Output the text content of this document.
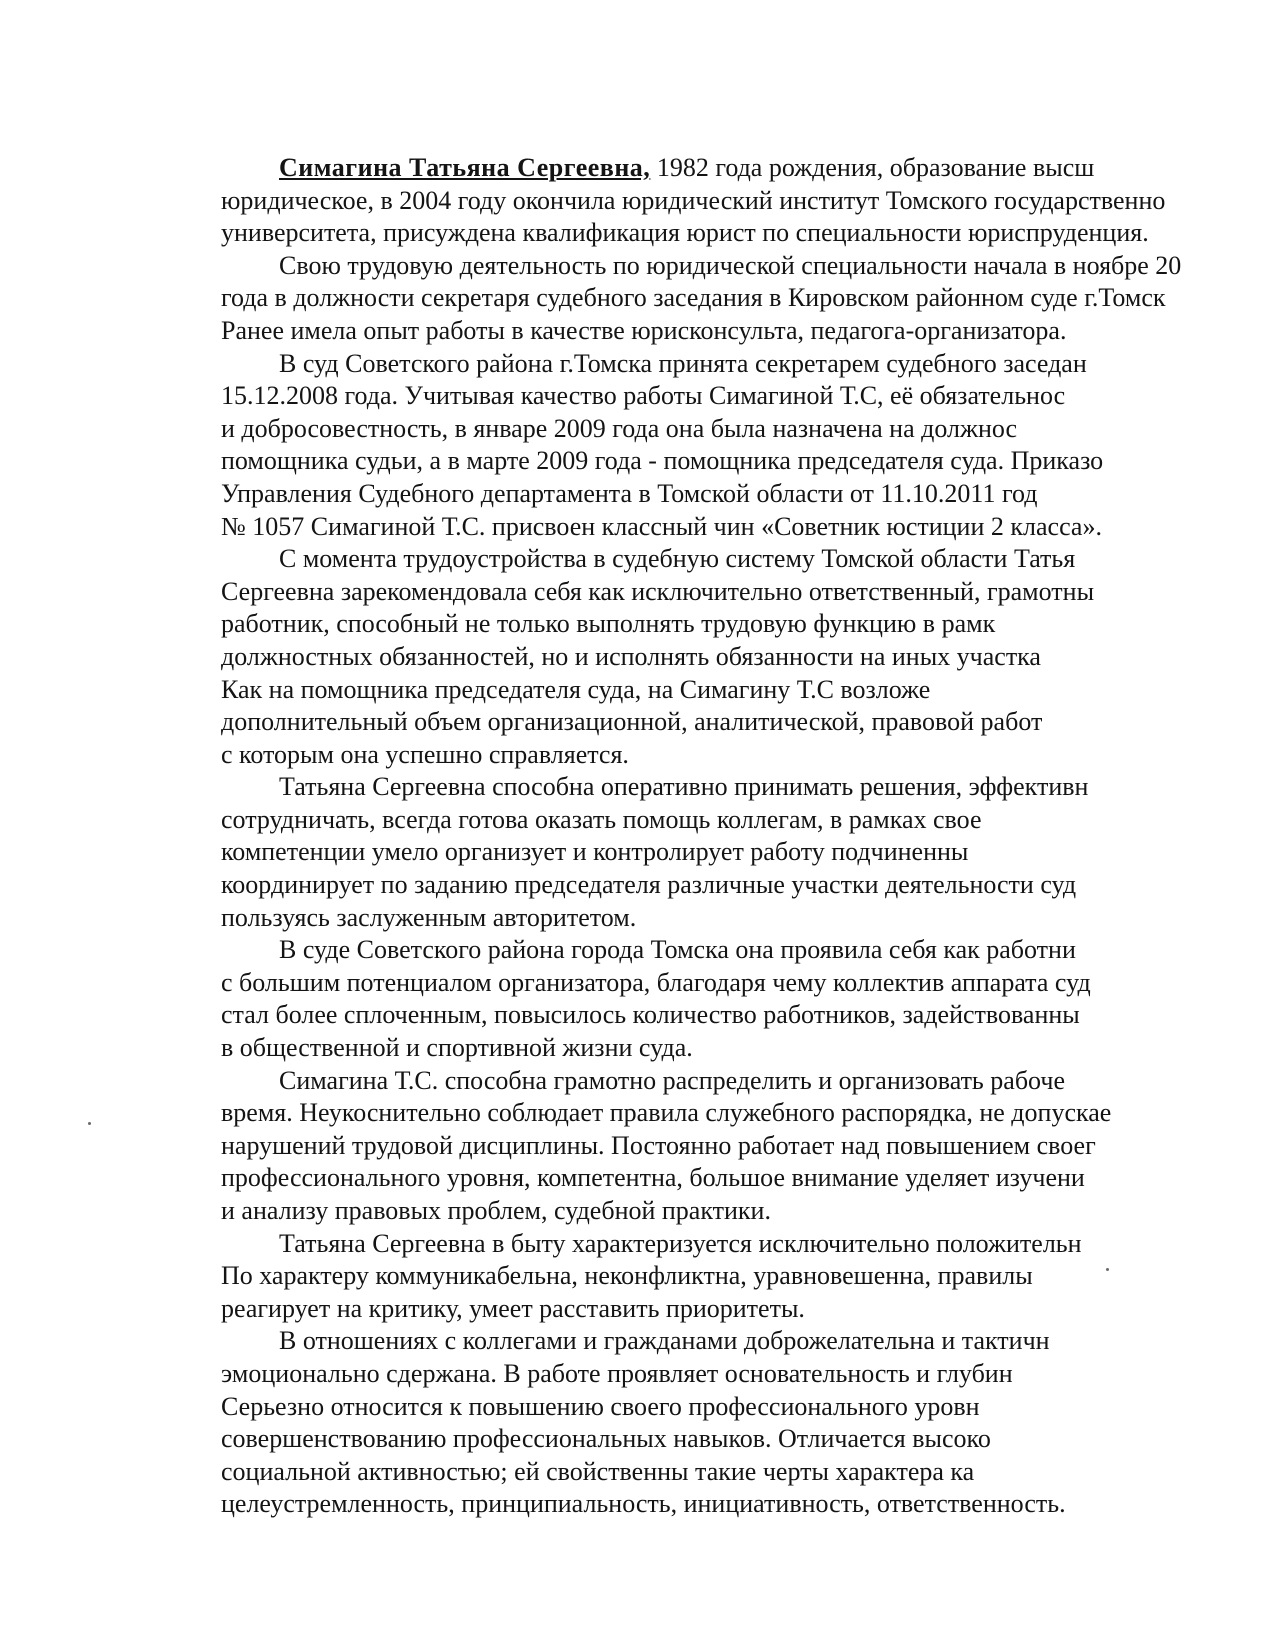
Симагина Татьяна Сергеевна, 1982 года рождения, образование высш
юридическое, в 2004 году окончила юридический институт Томского государственно
университета, присуждена квалификация юрист по специальности юриспруденция.
Свою трудовую деятельность по юридической специальности начала в ноябре 20
года в должности секретаря судебного заседания в Кировском районном суде г.Томск
Ранее имела опыт работы в качестве юрисконсульта, педагога-организатора.
В суд Советского района г.Томска принята секретарем судебного заседан
15.12.2008 года. Учитывая качество работы Симагиной Т.С, её обязательнос
и добросовестность, в январе 2009 года она была назначена на должнос
помощника судьи, а в марте 2009 года - помощника председателя суда. Приказо
Управления Судебного департамента в Томской области от 11.10.2011 год
№ 1057 Симагиной Т.С. присвоен классный чин «Советник юстиции 2 класса».
С момента трудоустройства в судебную систему Томской области Татья
Сергеевна зарекомендовала себя как исключительно ответственный, грамотны
работник, способный не только выполнять трудовую функцию в рамк
должностных обязанностей, но и исполнять обязанности на иных участка
Как на помощника председателя суда, на Симагину Т.С возложе
дополнительный объем организационной, аналитической, правовой работ
с которым она успешно справляется.
Татьяна Сергеевна способна оперативно принимать решения, эффективн
сотрудничать, всегда готова оказать помощь коллегам, в рамках свое
компетенции умело организует и контролирует работу подчиненны
координирует по заданию председателя различные участки деятельности суд
пользуясь заслуженным авторитетом.
В суде Советского района города Томска она проявила себя как работни
с большим потенциалом организатора, благодаря чему коллектив аппарата суд
стал более сплоченным, повысилось количество работников, задействованны
в общественной и спортивной жизни суда.
Симагина Т.С. способна грамотно распределить и организовать рабоче
время. Неукоснительно соблюдает правила служебного распорядка, не допускае
нарушений трудовой дисциплины. Постоянно работает над повышением своег
профессионального уровня, компетентна, большое внимание уделяет изучени
и анализу правовых проблем, судебной практики.
Татьяна Сергеевна в быту характеризуется исключительно положительн
По характеру коммуникабельна, неконфликтна, уравновешенна, правилы
реагирует на критику, умеет расставить приоритеты.
В отношениях с коллегами и гражданами доброжелательна и тактичн
эмоционально сдержана. В работе проявляет основательность и глубин
Серьезно относится к повышению своего профессионального уровн
совершенствованию профессиональных навыков. Отличается высоко
социальной активностью; ей свойственны такие черты характера ка
целеустремленность, принципиальность, инициативность, ответственность.
